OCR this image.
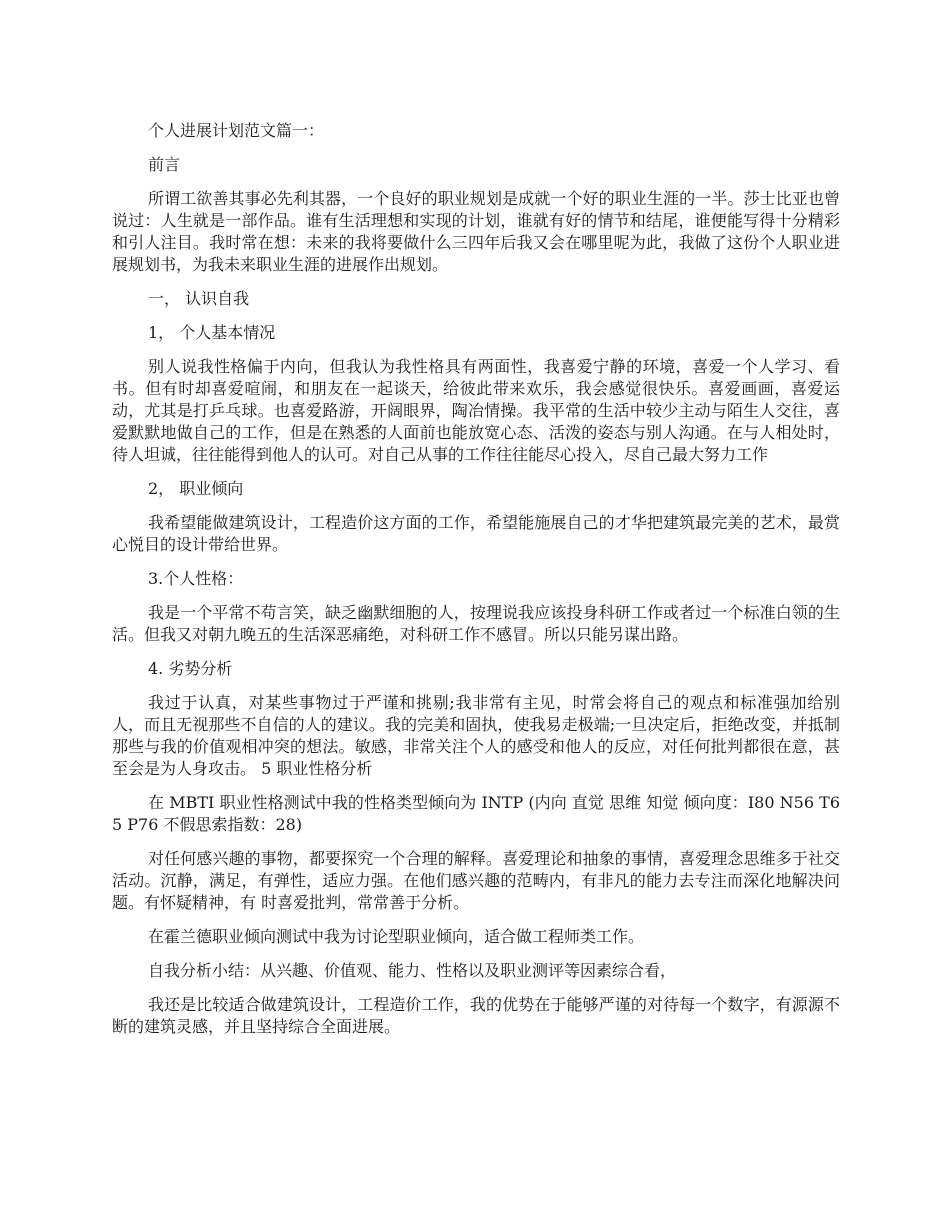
个人进展计划范文篇一：

前言

所谓工欲善其事必先利其器，一个良好的职业规划是成就一个好的职业生涯的一半。莎士比亚也曾说过：人生就是一部作品。谁有生活理想和实现的计划，谁就有好的情节和结尾，谁便能写得十分精彩和引人注目。我时常在想：未来的我将要做什么三四年后我又会在哪里呢为此，我做了这份个人职业进展规划书，为我未来职业生涯的进展作出规划。

一， 认识自我

1， 个人基本情况

别人说我性格偏于内向，但我认为我性格具有两面性，我喜爱宁静的环境，喜爱一个人学习、看书。但有时却喜爱喧闹，和朋友在一起谈天，给彼此带来欢乐，我会感觉很快乐。喜爱画画，喜爱运动，尤其是打乒乓球。也喜爱路游，开阔眼界，陶冶情操。我平常的生活中较少主动与陌生人交往，喜爱默默地做自己的工作，但是在熟悉的人面前也能放宽心态、活泼的姿态与别人沟通。在与人相处时，待人坦诚，往往能得到他人的认可。对自己从事的工作往往能尽心投入，尽自己最大努力工作

2， 职业倾向

我希望能做建筑设计，工程造价这方面的工作，希望能施展自己的才华把建筑最完美的艺术，最赏心悦目的设计带给世界。

3.个人性格：

我是一个平常不苟言笑，缺乏幽默细胞的人，按理说我应该投身科研工作或者过一个标准白领的生活。但我又对朝九晚五的生活深恶痛绝，对科研工作不感冒。所以只能另谋出路。

4. 劣势分析

我过于认真，对某些事物过于严谨和挑剔;我非常有主见，时常会将自己的观点和标准强加给别人，而且无视那些不自信的人的建议。我的完美和固执，使我易走极端;一旦决定后，拒绝改变，并抵制那些与我的价值观相冲突的想法。敏感，非常关注个人的感受和他人的反应，对任何批判都很在意，甚至会是为人身攻击。 5 职业性格分析

在 MBTI 职业性格测试中我的性格类型倾向为 INTP (内向 直觉 思维 知觉 倾向度：I80 N56 T65 P76 不假思索指数：28)

对任何感兴趣的事物，都要探究一个合理的解释。喜爱理论和抽象的事情，喜爱理念思维多于社交活动。沉静，满足，有弹性，适应力强。在他们感兴趣的范畴内，有非凡的能力去专注而深化地解决问题。有怀疑精神，有 时喜爱批判，常常善于分析。

在霍兰德职业倾向测试中我为讨论型职业倾向，适合做工程师类工作。

自我分析小结：从兴趣、价值观、能力、性格以及职业测评等因素综合看，

我还是比较适合做建筑设计，工程造价工作，我的优势在于能够严谨的对待每一个数字，有源源不断的建筑灵感，并且坚持综合全面进展。
